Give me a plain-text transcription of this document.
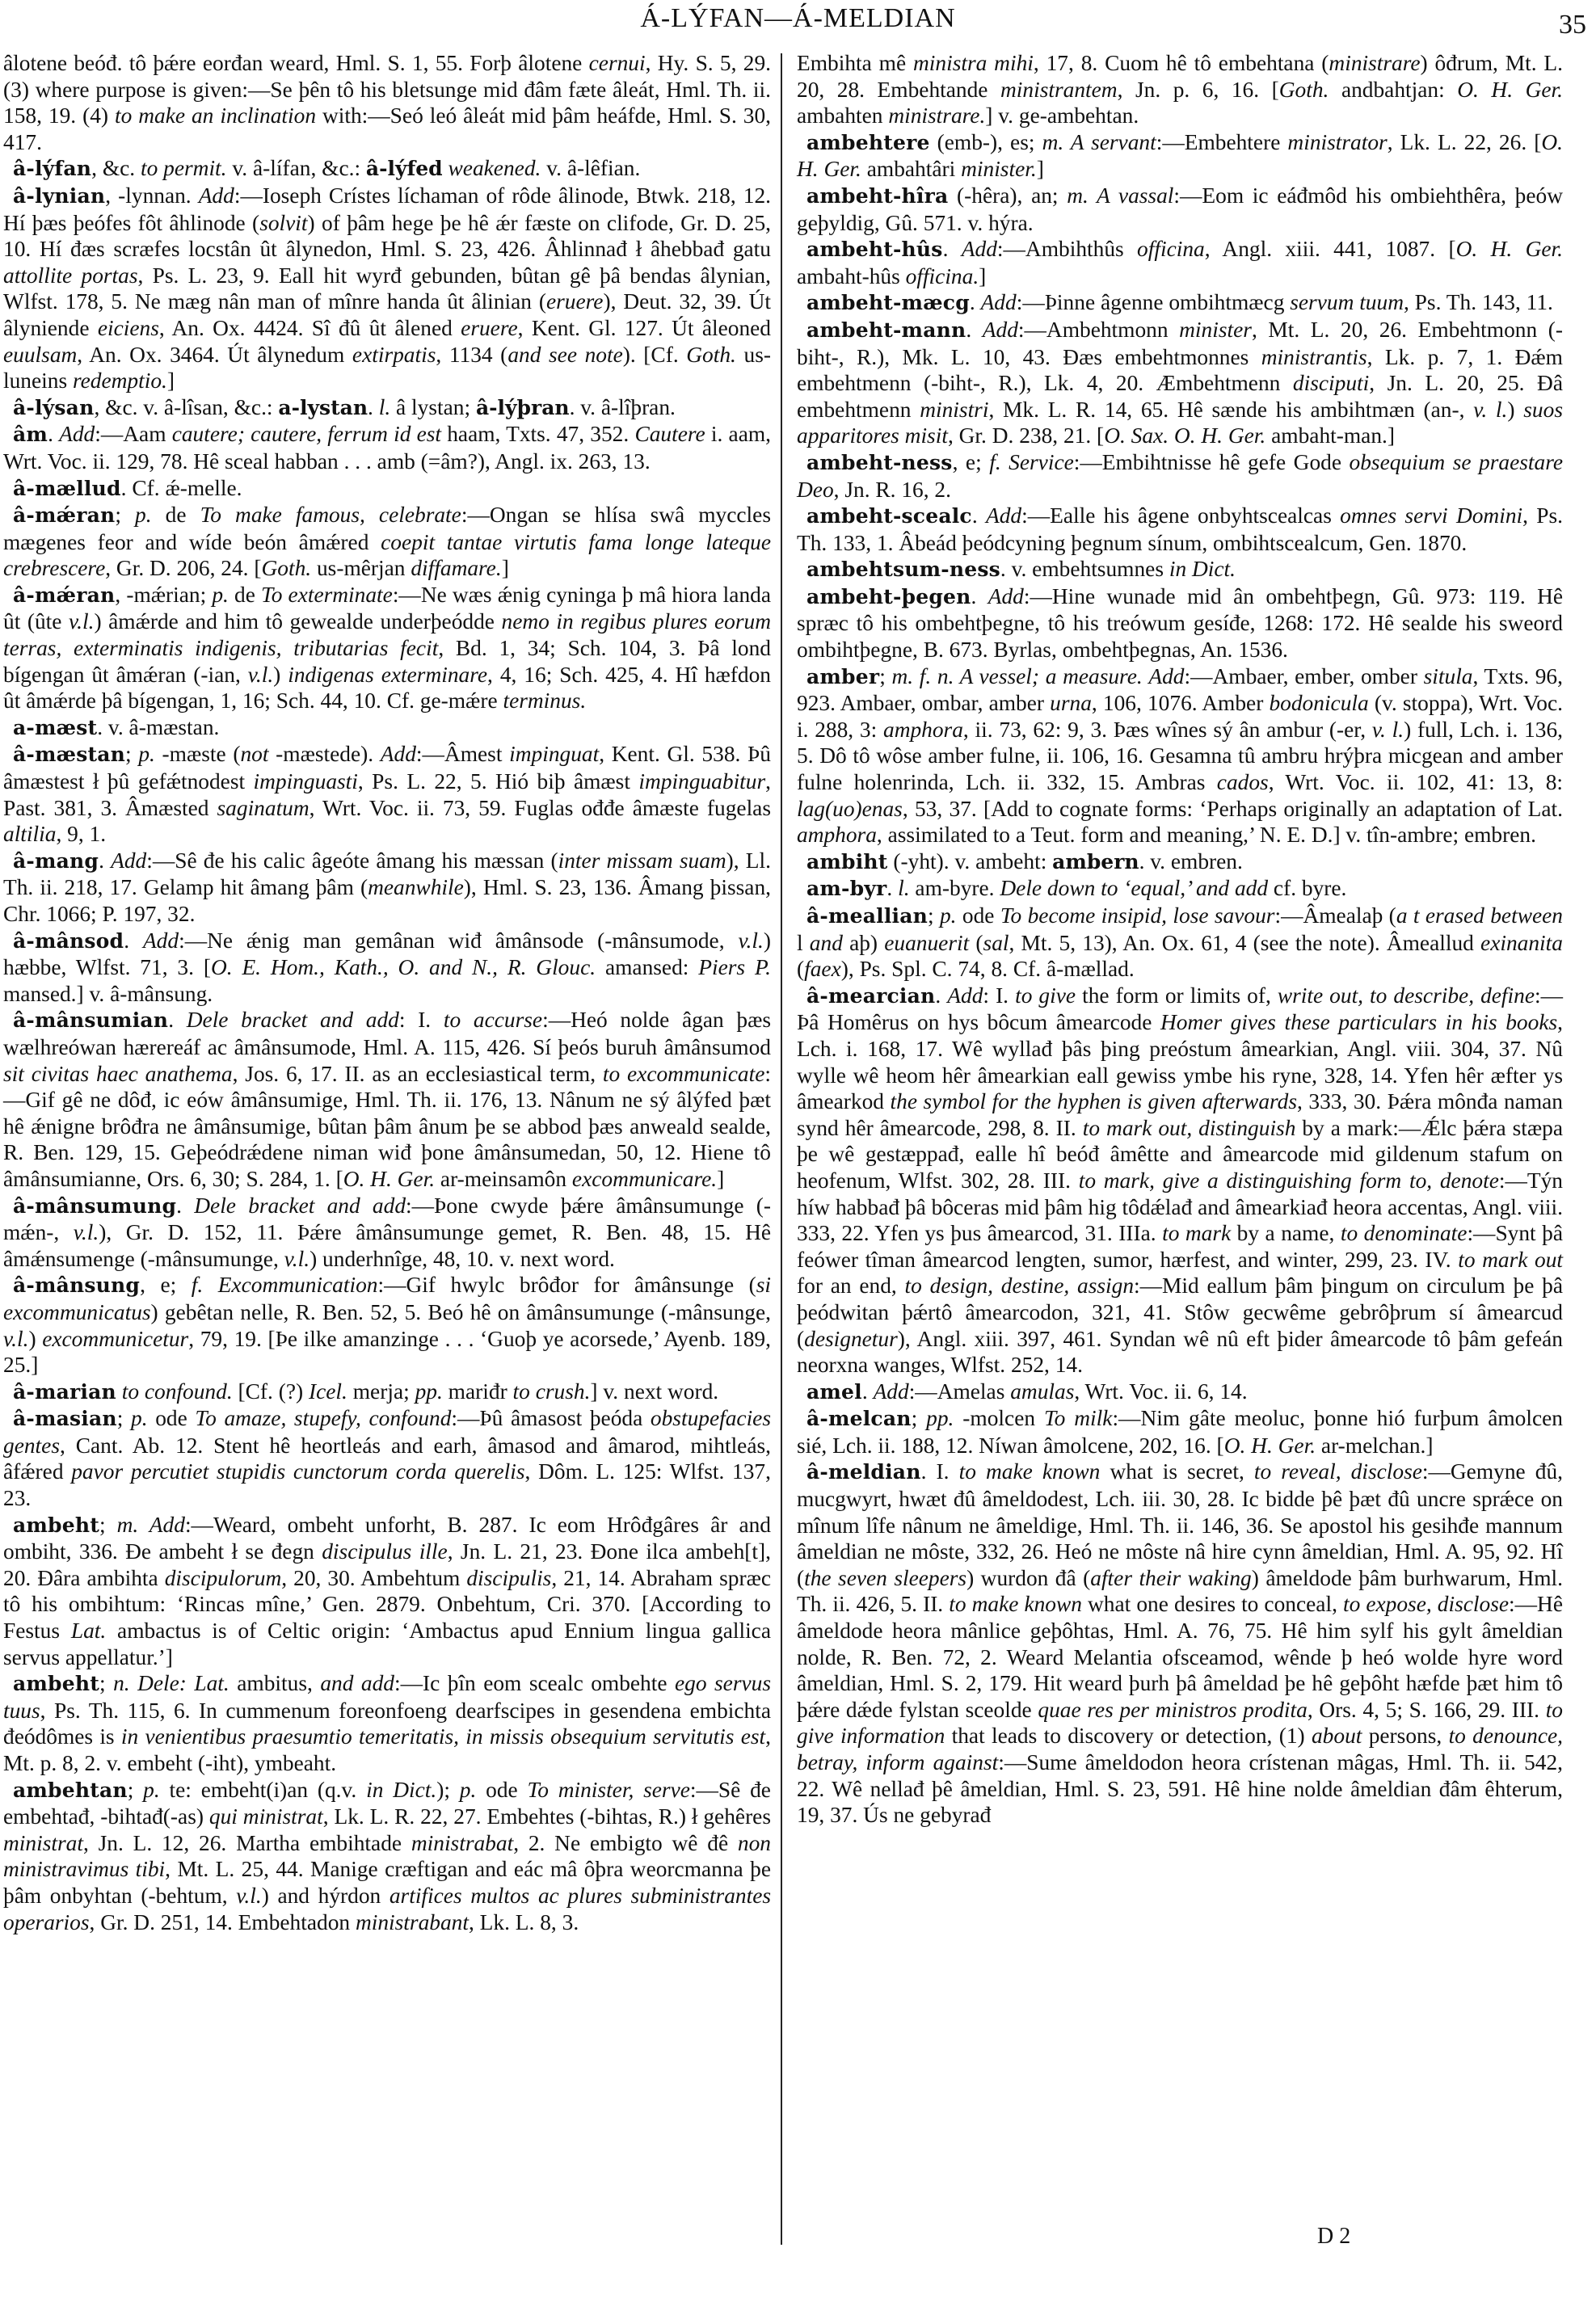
Á-LÝFAN—Á-MELDIAN	35

âlotene beóđ. tô þǽre eorđan weard, Hml. S. 1, 55. Forþ âlotene cernui, Hy. S. 5, 29. (3) where purpose is given:—Se þên tô his bletsunge mid đâm fæte âleát, Hml. Th. ii. 158, 19. (4) to make an inclination with:—Seó leó âleát mid þâm heáfde, Hml. S. 30, 417.

â-lýfan, &c. to permit. v. â-lífan, &c.: â-lýfed weakened. v. â-lêfian.

â-lynian, -lynnan. Add:—Ioseph Crístes líchaman of rôde âlinode, Btwk. 218, 12. Hí þæs þeófes fôt âhlinode (solvit) of þâm hege þe hê ǽr fæste on clifode, Gr. D. 25, 10. Hí đæs scræfes locstân ût âlynedon, Hml. S. 23, 426. Âhlinnađ ł âhebbađ gatu attollite portas, Ps. L. 23, 9. Eall hit wyrđ gebunden, bûtan gê þâ bendas âlynian, Wlfst. 178, 5. Ne mæg nân man of mînre handa ût âlinian (eruere), Deut. 32, 39. Út âlyniende eiciens, An. Ox. 4424. Sî đû ût âlened eruere, Kent. Gl. 127. Út âleoned euulsam, An. Ox. 3464. Út âlynedum extirpatis, 1134 (and see note). [Cf. Goth. us-luneins redemptio.]

â-lýsan, &c. v. â-lîsan, &c.: a-lystan. l. â lystan; â-lýþran. v. â-lîþran.

âm. Add:—Aam cautere; cautere, ferrum id est haam, Txts. 47, 352. Cautere i. aam, Wrt. Voc. ii. 129, 78. Hê sceal habban . . . amb (=âm?), Angl. ix. 263, 13.

â-mællud. Cf. ǽ-melle.

â-mǽran; p. de To make famous, celebrate:—Ongan se hlísa swâ myccles mægenes feor and wíde beón âmǽred coepit tantae virtutis fama longe lateque crebrescere, Gr. D. 206, 24. [Goth. us-mêrjan diffamare.]

â-mǽran, -mǽrian; p. de To exterminate:—Ne wæs ǽnig cyninga þ mâ hiora landa ût (ûte v.l.) âmǽrde and him tô gewealde underþeódde nemo in regibus plures eorum terras, exterminatis indigenis, tributarias fecit, Bd. 1, 34; Sch. 104, 3. Þâ lond bígengan ût âmǽran (-ian, v.l.) indigenas exterminare, 4, 16; Sch. 425, 4. Hî hæfdon ût âmǽrde þâ bígengan, 1, 16; Sch. 44, 10. Cf. ge-mǽre terminus.

a-mæst. v. â-mæstan.

â-mæstan; p. -mæste (not -mæstede). Add:—Âmest impinguat, Kent. Gl. 538. Þû âmæstest ł þû gefǽtnodest impinguasti, Ps. L. 22, 5. Hió biþ âmæst impinguabitur, Past. 381, 3. Âmæsted saginatum, Wrt. Voc. ii. 73, 59. Fuglas ođđe âmæste fugelas altilia, 9, 1.

â-mang. Add:—Sê đe his calic âgeóte âmang his mæssan (inter missam suam), Ll. Th. ii. 218, 17. Gelamp hit âmang þâm (meanwhile), Hml. S. 23, 136. Âmang þissan, Chr. 1066; P. 197, 32.

â-mânsod. Add:—Ne ǽnig man gemânan wiđ âmânsode (-mânsumode, v.l.) hæbbe, Wlfst. 71, 3. [O. E. Hom., Kath., O. and N., R. Glouc. amansed: Piers P. mansed.] v. â-mânsung.

â-mânsumian. Dele bracket and add: I. to accurse:—Heó nolde âgan þæs wælhreówan hærereáf ac âmânsumode, Hml. A. 115, 426. Sí þeós buruh âmânsumod sit civitas haec anathema, Jos. 6, 17. II. as an ecclesiastical term, to excommunicate:—Gif gê ne dôđ, ic eów âmânsumige, Hml. Th. ii. 176, 13. Nânum ne sý âlýfed þæt hê ǽnigne brôđra ne âmânsumige, bûtan þâm ânum þe se abbod þæs anweald sealde, R. Ben. 129, 15. Geþeódrǽdene niman wiđ þone âmânsumedan, 50, 12. Hiene tô âmânsumianne, Ors. 6, 30; S. 284, 1. [O. H. Ger. ar-meinsamôn excommunicare.]

â-mânsumung. Dele bracket and add:—Þone cwyde þǽre âmânsumunge (-mǽn-, v.l.), Gr. D. 152, 11. Þǽre âmânsumunge gemet, R. Ben. 48, 15. Hê âmǽnsumenge (-mânsumunge, v.l.) underhnîge, 48, 10. v. next word.

â-mânsung, e; f. Excommunication:—Gif hwylc brôđor for âmânsunge (si excommunicatus) gebêtan nelle, R. Ben. 52, 5. Beó hê on âmânsumunge (-mânsunge, v.l.) excommunicetur, 79, 19. [Þe ilke amanzinge . . . ‘Guoþ ye acorsede,’ Ayenb. 189, 25.]

â-marian to confound. [Cf. (?) Icel. merja; pp. mariđr to crush.] v. next word.

â-masian; p. ode To amaze, stupefy, confound:—Þû âmasost þeóda obstupefacies gentes, Cant. Ab. 12. Stent hê heortleás and earh, âmasod and âmarod, mihtleás, âfǽred pavor percutiet stupidis cunctorum corda querelis, Dôm. L. 125: Wlfst. 137, 23.

ambeht; m. Add:—Weard, ombeht unforht, B. 287. Ic eom Hrôđgâres âr and ombiht, 336. Đe ambeht ł se đegn discipulus ille, Jn. L. 21, 23. Đone ilca ambeh[t], 20. Đâra ambihta discipulorum, 20, 30. Ambehtum discipulis, 21, 14. Abraham spræc tô his ombihtum: ‘Rincas mîne,’ Gen. 2879. Onbehtum, Cri. 370. [According to Festus Lat. ambactus is of Celtic origin: ‘Ambactus apud Ennium lingua gallica servus appellatur.’]

ambeht; n. Dele: Lat. ambitus, and add:—Ic þîn eom scealc ombehte ego servus tuus, Ps. Th. 115, 6. In cummenum foreonfoeng dearfscipes in gesendena embichta đeódômes is in venientibus praesumtio temeritatis, in missis obsequium servitutis est, Mt. p. 8, 2. v. embeht (-iht), ymbeaht.

ambehtan; p. te: embeht(i)an (q.v. in Dict.); p. ode To minister, serve:—Sê đe embehtađ, -bihtađ(-as) qui ministrat, Lk. L. R. 22, 27. Embehtes (-bihtas, R.) ł gehêres ministrat, Jn. L. 12, 26. Martha embihtade ministrabat, 2. Ne embigto wê đê non ministravimus tibi, Mt. L. 25, 44. Manige cræftigan and eác mâ ôþra weorcmanna þe þâm onbyhtan (-behtum, v.l.) and hýrdon artifices multos ac plures subministrantes operarios, Gr. D. 251, 14. Embehtadon ministrabant, Lk. L. 8, 3.

Embihta mê ministra mihi, 17, 8. Cuom hê tô embehtana (ministrare) ôđrum, Mt. L. 20, 28. Embehtande ministrantem, Jn. p. 6, 16. [Goth. andbahtjan: O. H. Ger. ambahten ministrare.] v. ge-ambehtan.

ambehtere (emb-), es; m. A servant:—Embehtere ministrator, Lk. L. 22, 26. [O. H. Ger. ambahtâri minister.]

ambeht-hîra (-hêra), an; m. A vassal:—Eom ic eáđmôd his ombiehthêra, þeów geþyldig, Gû. 571. v. hýra.

ambeht-hûs. Add:—Ambihthûs officina, Angl. xiii. 441, 1087. [O. H. Ger. ambaht-hûs officina.]

ambeht-mæcg. Add:—Þinne âgenne ombihtmæcg servum tuum, Ps. Th. 143, 11.

ambeht-mann. Add:—Ambehtmonn minister, Mt. L. 20, 26. Embehtmonn (-biht-, R.), Mk. L. 10, 43. Đæs embehtmonnes ministrantis, Lk. p. 7, 1. Đǽm embehtmenn (-biht-, R.), Lk. 4, 20. Æmbehtmenn disciputi, Jn. L. 20, 25. Đâ embehtmenn ministri, Mk. L. R. 14, 65. Hê sænde his ambihtmæn (an-, v. l.) suos apparitores misit, Gr. D. 238, 21. [O. Sax. O. H. Ger. ambaht-man.]

ambeht-ness, e; f. Service:—Embihtnisse hê gefe Gode obsequium se praestare Deo, Jn. R. 16, 2.

ambeht-scealc. Add:—Ealle his âgene onbyhtscealcas omnes servi Domini, Ps. Th. 133, 1. Âbeád þeódcyning þegnum sínum, ombihtscealcum, Gen. 1870.

ambehtsum-ness. v. embehtsumnes in Dict.

ambeht-þegen. Add:—Hine wunade mid ân ombehtþegn, Gû. 973: 119. Hê spræc tô his ombehtþegne, tô his treówum gesíđe, 1268: 172. Hê sealde his sweord ombihtþegne, B. 673. Byrlas, ombehtþegnas, An. 1536.

amber; m. f. n. A vessel; a measure. Add:—Ambaer, ember, omber situla, Txts. 96, 923. Ambaer, ombar, amber urna, 106, 1076. Amber bodonicula (v. stoppa), Wrt. Voc. i. 288, 3: amphora, ii. 73, 62: 9, 3. Þæs wînes sý ân ambur (-er, v. l.) full, Lch. i. 136, 5. Dô tô wôse amber fulne, ii. 106, 16. Gesamna tû ambru hrýþra micgean and amber fulne holenrinda, Lch. ii. 332, 15. Ambras cados, Wrt. Voc. ii. 102, 41: 13, 8: lag(uo)enas, 53, 37. [Add to cognate forms: ‘Perhaps originally an adaptation of Lat. amphora, assimilated to a Teut. form and meaning,’ N. E. D.] v. tîn-ambre; embren.

ambiht (-yht). v. ambeht: ambern. v. embren.

am-byr. l. am-byre. Dele down to ‘equal,’ and add cf. byre.

â-meallian; p. ode To become insipid, lose savour:—Âmealaþ (a t erased between l and aþ) euanuerit (sal, Mt. 5, 13), An. Ox. 61, 4 (see the note). Âmeallud exinanita (faex), Ps. Spl. C. 74, 8. Cf. â-mællad.

â-mearcian. Add: I. to give the form or limits of, write out, to describe, define:—Þâ Homêrus on hys bôcum âmearcode Homer gives these particulars in his books, Lch. i. 168, 17. Wê wyllađ þâs þing preóstum âmearkian, Angl. viii. 304, 37. Nû wylle wê heom hêr âmearkian eall gewiss ymbe his ryne, 328, 14. Yfen hêr æfter ys âmearkod the symbol for the hyphen is given afterwards, 333, 30. Þǽra mônđa naman synd hêr âmearcode, 298, 8. II. to mark out, distinguish by a mark:—Ǽlc þǽra stæpa þe wê gestæppađ, ealle hî beóđ âmêtte and âmearcode mid gildenum stafum on heofenum, Wlfst. 302, 28. III. to mark, give a distinguishing form to, denote:—Týn híw habbađ þâ bôceras mid þâm hig tôdǽlađ and âmearkiađ heora accentas, Angl. viii. 333, 22. Yfen ys þus âmearcod, 31. IIIa. to mark by a name, to denominate:—Synt þâ feówer tîman âmearcod lengten, sumor, hærfest, and winter, 299, 23. IV. to mark out for an end, to design, destine, assign:—Mid eallum þâm þingum on circulum þe þâ þeódwitan þǽrtô âmearcodon, 321, 41. Stôw gecwême gebrôþrum sí âmearcud (designetur), Angl. xiii. 397, 461. Syndan wê nû eft þider âmearcode tô þâm gefeán neorxna wanges, Wlfst. 252, 14.

amel. Add:—Amelas amulas, Wrt. Voc. ii. 6, 14.

â-melcan; pp. -molcen To milk:—Nim gâte meoluc, þonne hió furþum âmolcen sié, Lch. ii. 188, 12. Níwan âmolcene, 202, 16. [O. H. Ger. ar-melchan.]

â-meldian. I. to make known what is secret, to reveal, disclose:—Gemyne đû, mucgwyrt, hwæt đû âmeldodest, Lch. iii. 30, 28. Ic bidde þê þæt đû uncre sprǽce on mînum lîfe nânum ne âmeldige, Hml. Th. ii. 146, 36. Se apostol his gesihđe mannum âmeldian ne môste, 332, 26. Heó ne môste nâ hire cynn âmeldian, Hml. A. 95, 92. Hî (the seven sleepers) wurdon đâ (after their waking) âmeldode þâm burhwarum, Hml. Th. ii. 426, 5. II. to make known what one desires to conceal, to expose, disclose:—Hê âmeldode heora mânlice geþôhtas, Hml. A. 76, 75. Hê him sylf his gylt âmeldian nolde, R. Ben. 72, 2. Weard Melantia ofsceamod, wênde þ heó wolde hyre word âmeldian, Hml. S. 2, 179. Hit weard þurh þâ âmeldad þe hê geþôht hæfde þæt him tô þǽre dǽde fylstan sceolde quae res per ministros prodita, Ors. 4, 5; S. 166, 29. III. to give information that leads to discovery or detection, (1) about persons, to denounce, betray, inform against:—Sume âmeldodon heora crístenan mâgas, Hml. Th. ii. 542, 22. Wê nellađ þê âmeldian, Hml. S. 23, 591. Hê hine nolde âmeldian đâm êhterum, 19, 37. Ús ne gebyrađ

D 2
